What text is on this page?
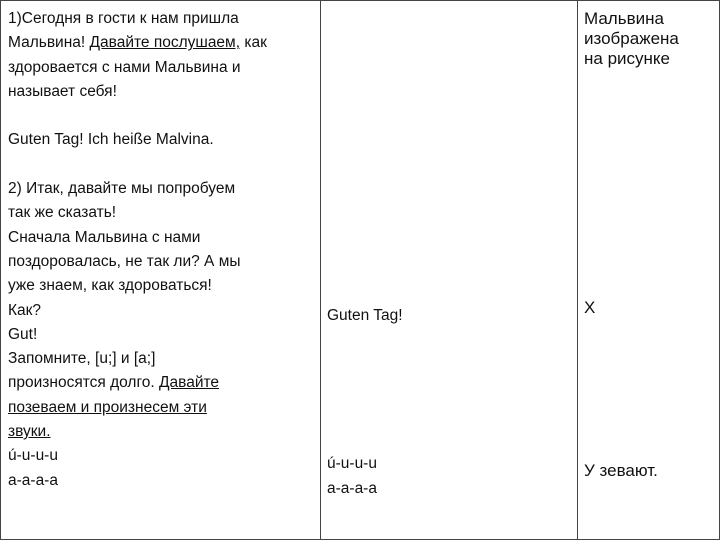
1)Сегодня в гости к нам пришла
Мальвина! Давайте послушаем, как
здоровается с нами Мальвина и
называет себя!
Guten Tag! Ich heiße Malvina.
2) Итак, давайте мы попробуем
так же сказать!
Сначала Мальвина с нами
поздоровалась, не так ли? А мы
уже знаем, как здороваться!
Как?
Gut!
Запомните, [u;] и [a;]
произносятся долго. Давайте
позеваем и произнесем эти
звуки.
ú-u-u-u
a-a-a-a
Guten Tag!
ú-u-u-u
a-a-a-a
Мальвина
изображена
на рисунке
X
У зевают.
